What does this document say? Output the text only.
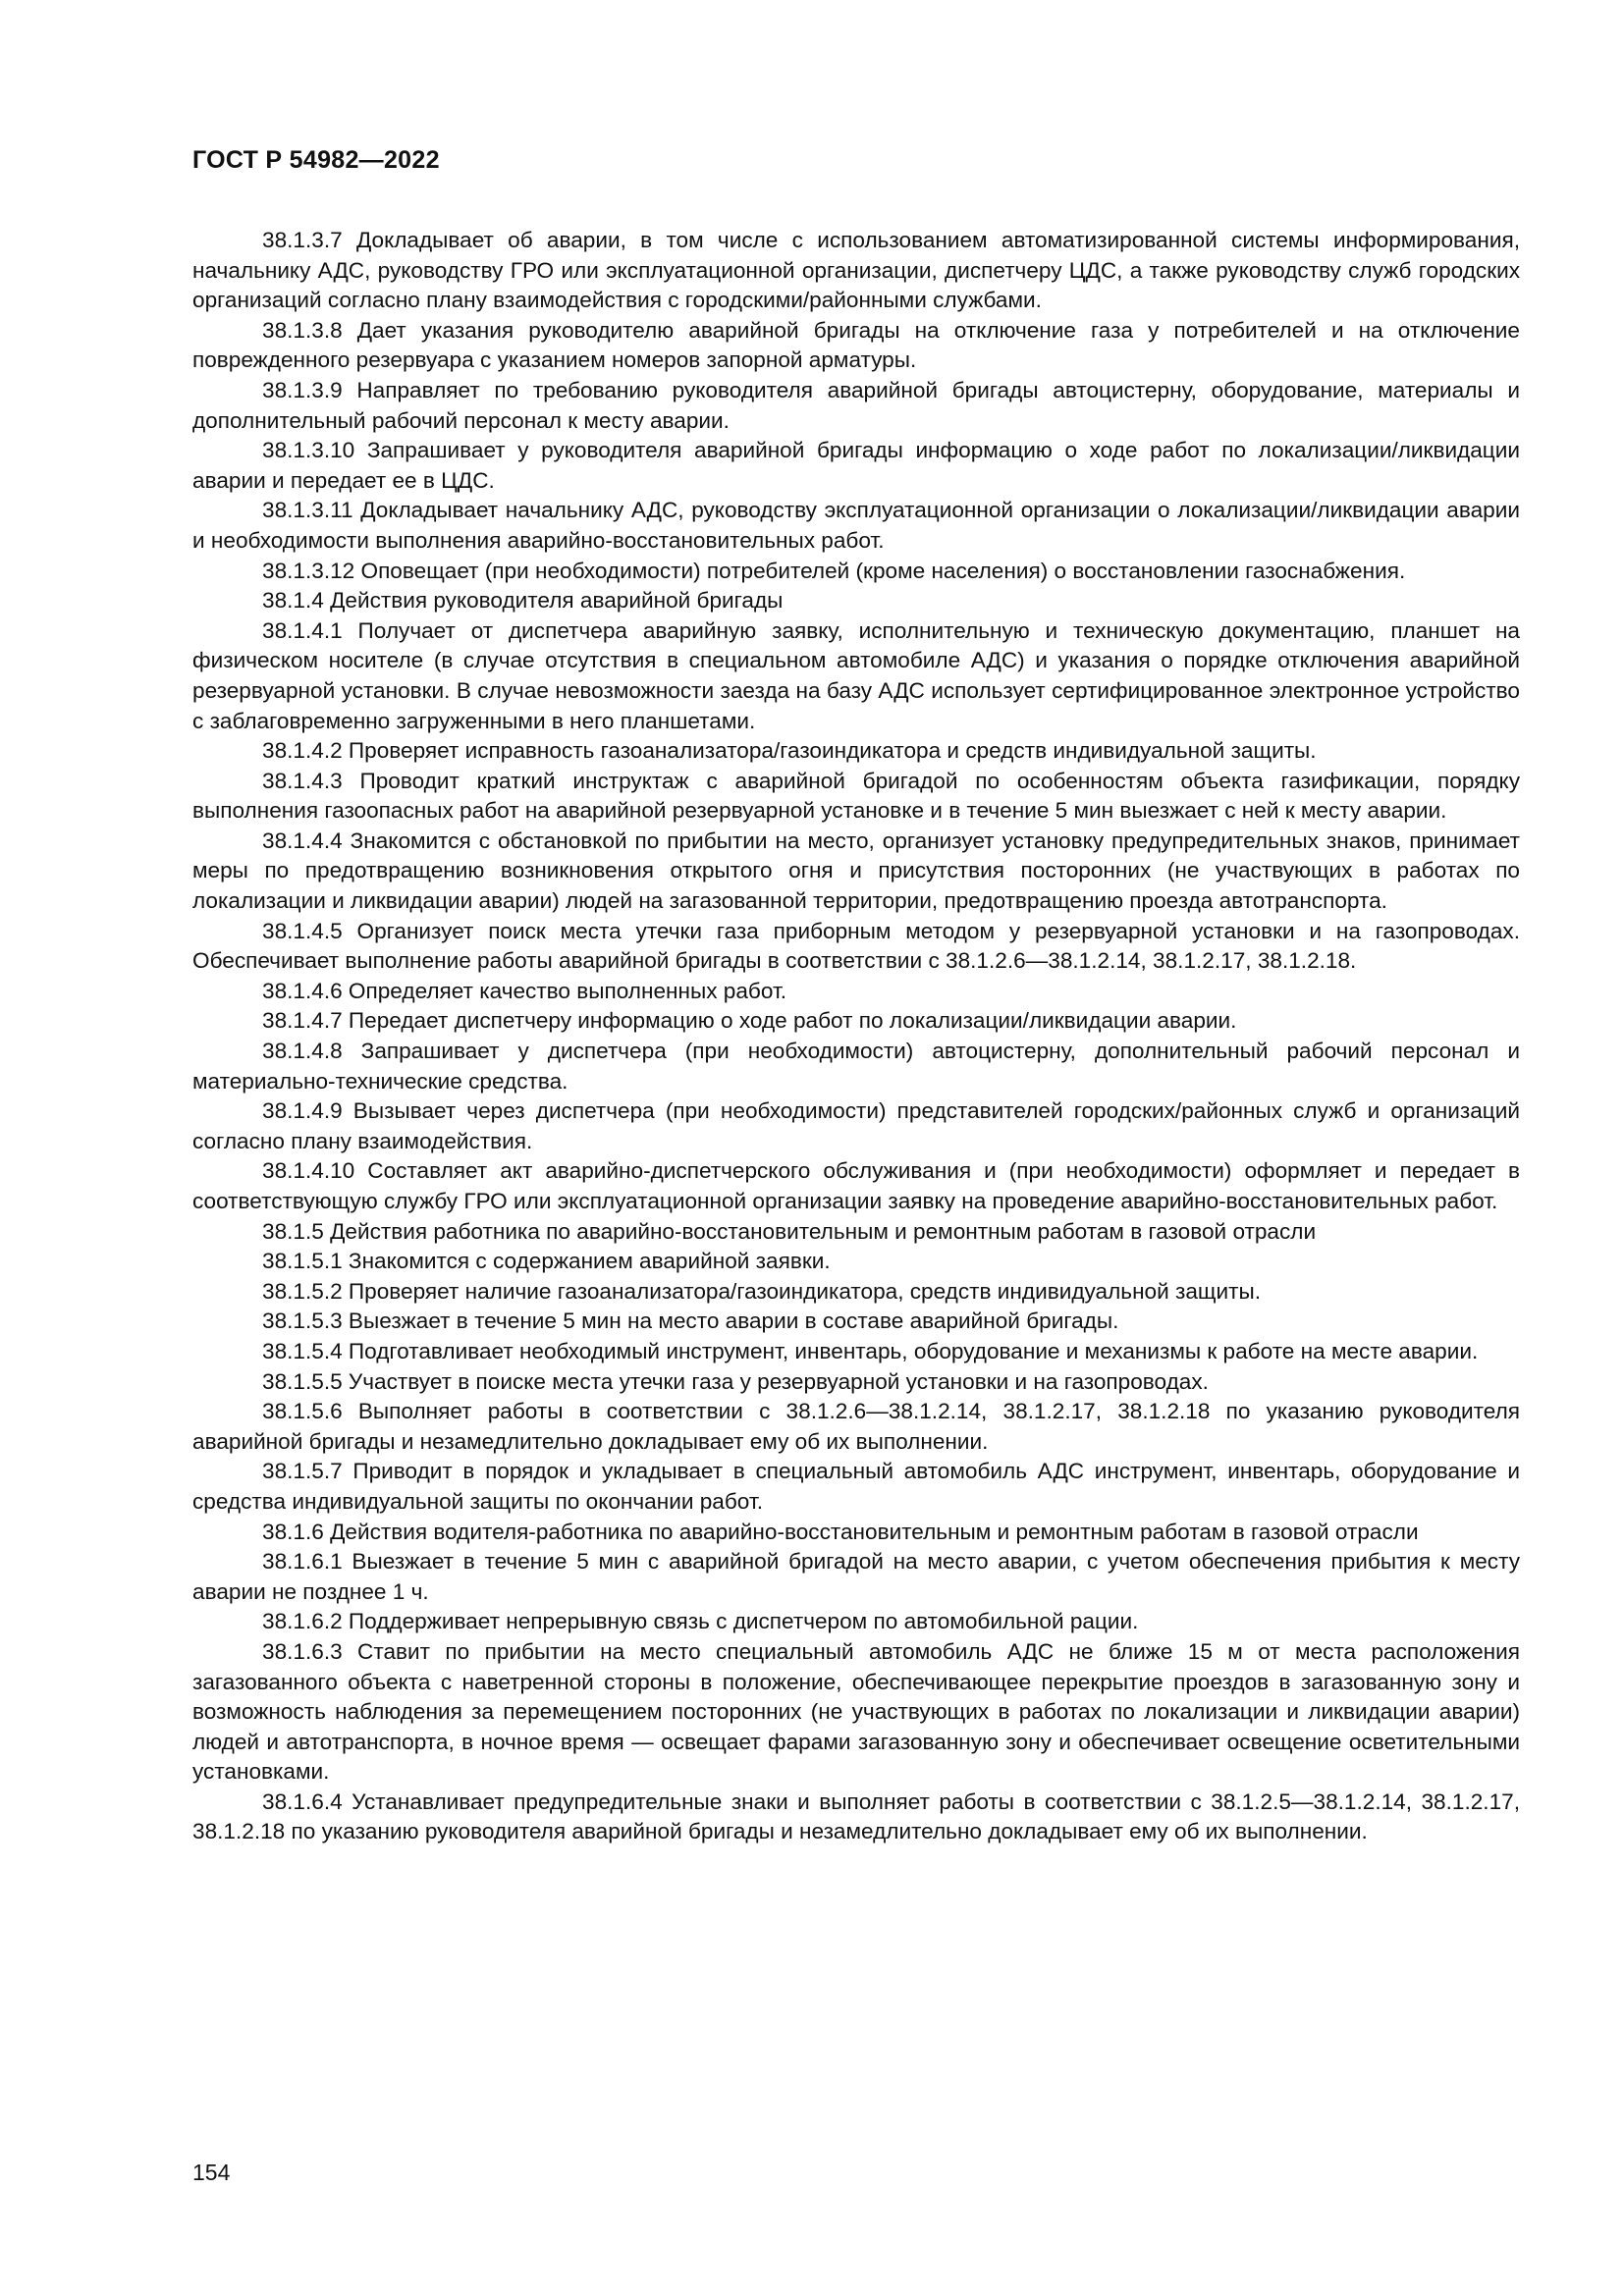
ГОСТ Р 54982—2022

38.1.3.7 Докладывает об аварии, в том числе с использованием автоматизированной системы информирования, начальнику АДС, руководству ГРО или эксплуатационной организации, диспетчеру ЦДС, а также руководству служб городских организаций согласно плану взаимодействия с городскими/районными службами.

38.1.3.8 Дает указания руководителю аварийной бригады на отключение газа у потребителей и на отключение поврежденного резервуара с указанием номеров запорной арматуры.

38.1.3.9 Направляет по требованию руководителя аварийной бригады автоцистерну, оборудование, материалы и дополнительный рабочий персонал к месту аварии.

38.1.3.10 Запрашивает у руководителя аварийной бригады информацию о ходе работ по локализации/ликвидации аварии и передает ее в ЦДС.

38.1.3.11 Докладывает начальнику АДС, руководству эксплуатационной организации о локализации/ликвидации аварии и необходимости выполнения аварийно-восстановительных работ.

38.1.3.12 Оповещает (при необходимости) потребителей (кроме населения) о восстановлении газоснабжения.

38.1.4 Действия руководителя аварийной бригады

38.1.4.1 Получает от диспетчера аварийную заявку, исполнительную и техническую документацию, планшет на физическом носителе (в случае отсутствия в специальном автомобиле АДС) и указания о порядке отключения аварийной резервуарной установки. В случае невозможности заезда на базу АДС использует сертифицированное электронное устройство с заблаговременно загруженными в него планшетами.

38.1.4.2 Проверяет исправность газоанализатора/газоиндикатора и средств индивидуальной защиты.

38.1.4.3 Проводит краткий инструктаж с аварийной бригадой по особенностям объекта газификации, порядку выполнения газоопасных работ на аварийной резервуарной установке и в течение 5 мин выезжает с ней к месту аварии.

38.1.4.4 Знакомится с обстановкой по прибытии на место, организует установку предупредительных знаков, принимает меры по предотвращению возникновения открытого огня и присутствия посторонних (не участвующих в работах по локализации и ликвидации аварии) людей на загазованной территории, предотвращению проезда автотранспорта.

38.1.4.5 Организует поиск места утечки газа приборным методом у резервуарной установки и на газопроводах. Обеспечивает выполнение работы аварийной бригады в соответствии с 38.1.2.6—38.1.2.14, 38.1.2.17, 38.1.2.18.

38.1.4.6 Определяет качество выполненных работ.

38.1.4.7 Передает диспетчеру информацию о ходе работ по локализации/ликвидации аварии.

38.1.4.8 Запрашивает у диспетчера (при необходимости) автоцистерну, дополнительный рабочий персонал и материально-технические средства.

38.1.4.9 Вызывает через диспетчера (при необходимости) представителей городских/районных служб и организаций согласно плану взаимодействия.

38.1.4.10 Составляет акт аварийно-диспетчерского обслуживания и (при необходимости) оформляет и передает в соответствующую службу ГРО или эксплуатационной организации заявку на проведение аварийно-восстановительных работ.

38.1.5 Действия работника по аварийно-восстановительным и ремонтным работам в газовой отрасли

38.1.5.1 Знакомится с содержанием аварийной заявки.

38.1.5.2 Проверяет наличие газоанализатора/газоиндикатора, средств индивидуальной защиты.

38.1.5.3 Выезжает в течение 5 мин на место аварии в составе аварийной бригады.

38.1.5.4 Подготавливает необходимый инструмент, инвентарь, оборудование и механизмы к работе на месте аварии.

38.1.5.5 Участвует в поиске места утечки газа у резервуарной установки и на газопроводах.

38.1.5.6 Выполняет работы в соответствии с 38.1.2.6—38.1.2.14, 38.1.2.17, 38.1.2.18 по указанию руководителя аварийной бригады и незамедлительно докладывает ему об их выполнении.

38.1.5.7 Приводит в порядок и укладывает в специальный автомобиль АДС инструмент, инвентарь, оборудование и средства индивидуальной защиты по окончании работ.

38.1.6 Действия водителя-работника по аварийно-восстановительным и ремонтным работам в газовой отрасли

38.1.6.1 Выезжает в течение 5 мин с аварийной бригадой на место аварии, с учетом обеспечения прибытия к месту аварии не позднее 1 ч.

38.1.6.2 Поддерживает непрерывную связь с диспетчером по автомобильной рации.

38.1.6.3 Ставит по прибытии на место специальный автомобиль АДС не ближе 15 м от места расположения загазованного объекта с наветренной стороны в положение, обеспечивающее перекрытие проездов в загазованную зону и возможность наблюдения за перемещением посторонних (не участвующих в работах по локализации и ликвидации аварии) людей и автотранспорта, в ночное время — освещает фарами загазованную зону и обеспечивает освещение осветительными установками.

38.1.6.4 Устанавливает предупредительные знаки и выполняет работы в соответствии с 38.1.2.5—38.1.2.14, 38.1.2.17, 38.1.2.18 по указанию руководителя аварийной бригады и незамедлительно докладывает ему об их выполнении.

154
